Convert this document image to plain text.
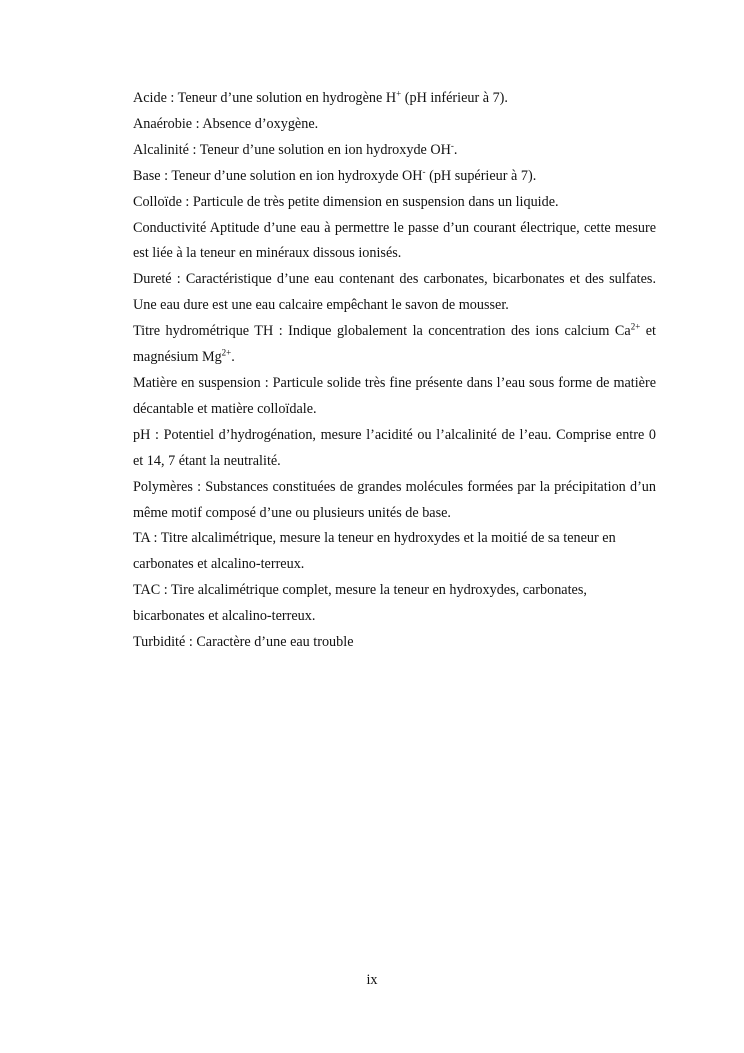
Acide : Teneur d’une solution en hydrogène H+ (pH inférieur à 7).

Anaérobie : Absence d’oxygène.

Alcalinité : Teneur d’une solution en ion hydroxyde OH-.

Base : Teneur d’une solution en ion hydroxyde OH- (pH supérieur à 7).

Colloïde : Particule de très petite dimension en suspension dans un liquide.

Conductivité Aptitude d’une eau à permettre le passe d’un courant électrique, cette mesure est liée à la teneur en minéraux dissous ionisés.

Dureté : Caractéristique d’une eau contenant des carbonates, bicarbonates et des sulfates. Une eau dure est une eau calcaire empêchant le savon de mousser.

Titre hydrométrique TH : Indique globalement la concentration des ions calcium $Ca^{2+}$ et magnésium $Mg^{2+}$.

Matière en suspension : Particule solide très fine présente dans l’eau sous forme de matière décantable et matière colloïdale.

pH : Potentiel d’hydrogénation, mesure l’acidité ou l’alcalinité de l’eau. Comprise entre 0 et 14, 7 étant la neutralité.

Polymères : Substances constituées de grandes molécules formées par la précipitation d’un même motif composé d’une ou plusieurs unités de base.

TA : Titre alcalimétrique, mesure la teneur en hydroxydes et la moitié de sa teneur en carbonates et alcalino-terreux.

TAC : Tire alcalimétrique complet, mesure la teneur en hydroxydes, carbonates, bicarbonates et alcalino-terreux.

Turbidité : Caractère d’une eau trouble

ix
